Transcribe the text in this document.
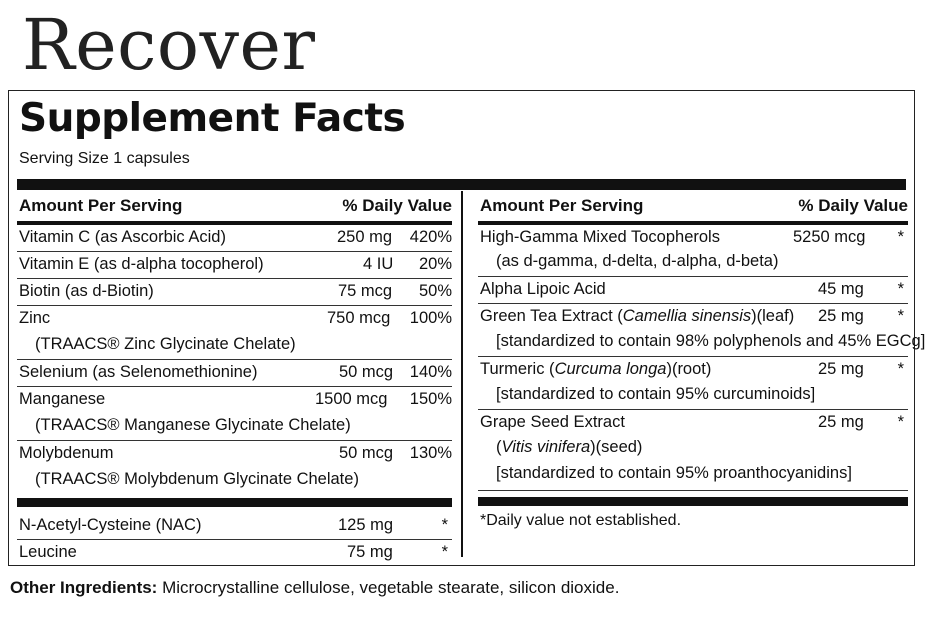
Recover
Supplement Facts
Serving Size 1 capsules
Amount Per Serving	% Daily Value
Vitamin C (as Ascorbic Acid)	250 mg 420%
Vitamin E (as d-alpha tocopherol)	4 IU 20%
Biotin (as d-Biotin)	75 mcg 50%
Zinc	750 mcg 100%
(TRAACS® Zinc Glycinate Chelate)
Selenium (as Selenomethionine)	50 mcg 140%
Manganese	1500 mcg 150%
(TRAACS® Manganese Glycinate Chelate)
Molybdenum	50 mcg 130%
(TRAACS® Molybdenum Glycinate Chelate)
N-Acetyl-Cysteine (NAC)	125 mg	*
Leucine	75 mg	*
Amount Per Serving	% Daily Value
High-Gamma Mixed Tocopherols	5250 mcg *
(as d-gamma, d-delta, d-alpha, d-beta)
Alpha Lipoic Acid	45 mg *
Green Tea Extract (Camellia sinensis)(leaf) 25 mg *
[standardized to contain 98% polyphenols and 45% EGCg]
Turmeric (Curcuma longa)(root)	25 mg *
[standardized to contain 95% curcuminoids]
Grape Seed Extract	25 mg *
(Vitis vinifera)(seed)
[standardized to contain 95% proanthocyanidins]
*Daily value not established.
Other Ingredients: Microcrystalline cellulose, vegetable stearate, silicon dioxide.
